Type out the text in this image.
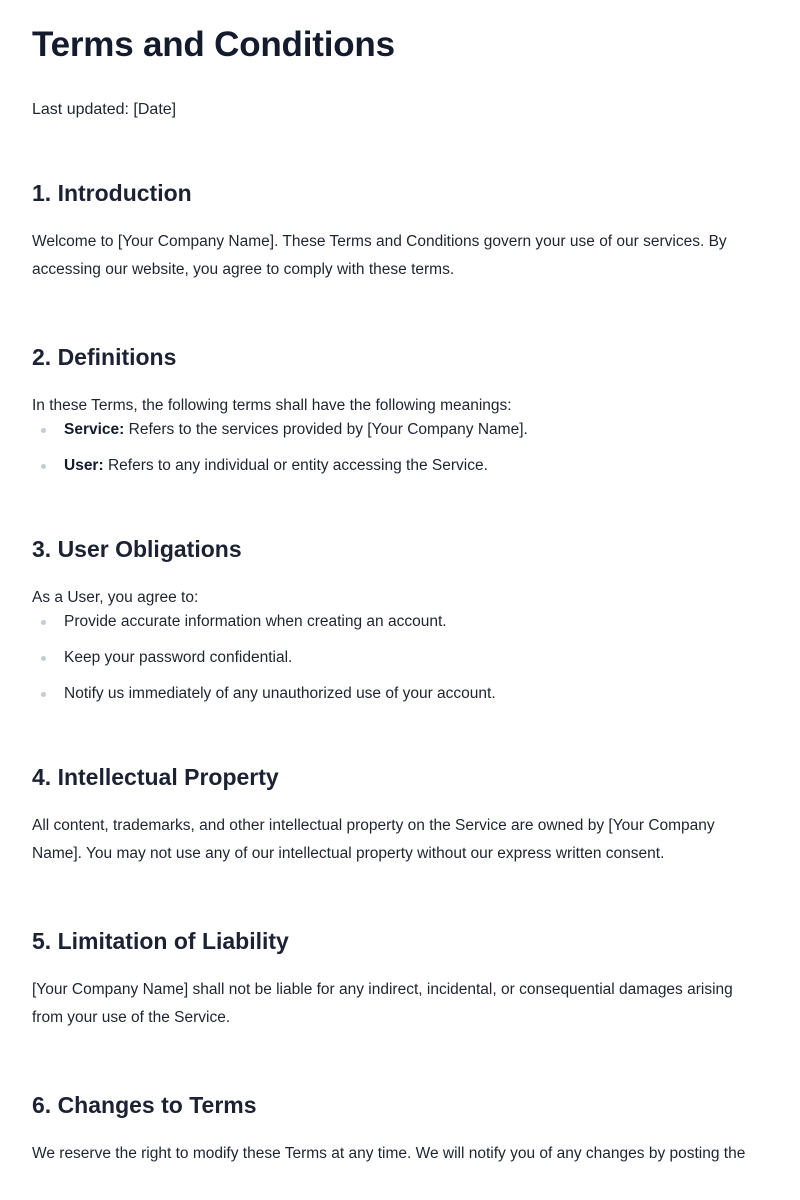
Terms and Conditions

Last updated: [Date]

1. Introduction

Welcome to [Your Company Name]. These Terms and Conditions govern your use of our services. By accessing our website, you agree to comply with these terms.

2. Definitions

In these Terms, the following terms shall have the following meanings:

Service: Refers to the services provided by [Your Company Name].
User: Refers to any individual or entity accessing the Service.
3. User Obligations

As a User, you agree to:

Provide accurate information when creating an account.
Keep your password confidential.
Notify us immediately of any unauthorized use of your account.
4. Intellectual Property

All content, trademarks, and other intellectual property on the Service are owned by [Your Company Name]. You may not use any of our intellectual property without our express written consent.

5. Limitation of Liability

[Your Company Name] shall not be liable for any indirect, incidental, or consequential damages arising from your use of the Service.

6. Changes to Terms

We reserve the right to modify these Terms at any time. We will notify you of any changes by posting the
